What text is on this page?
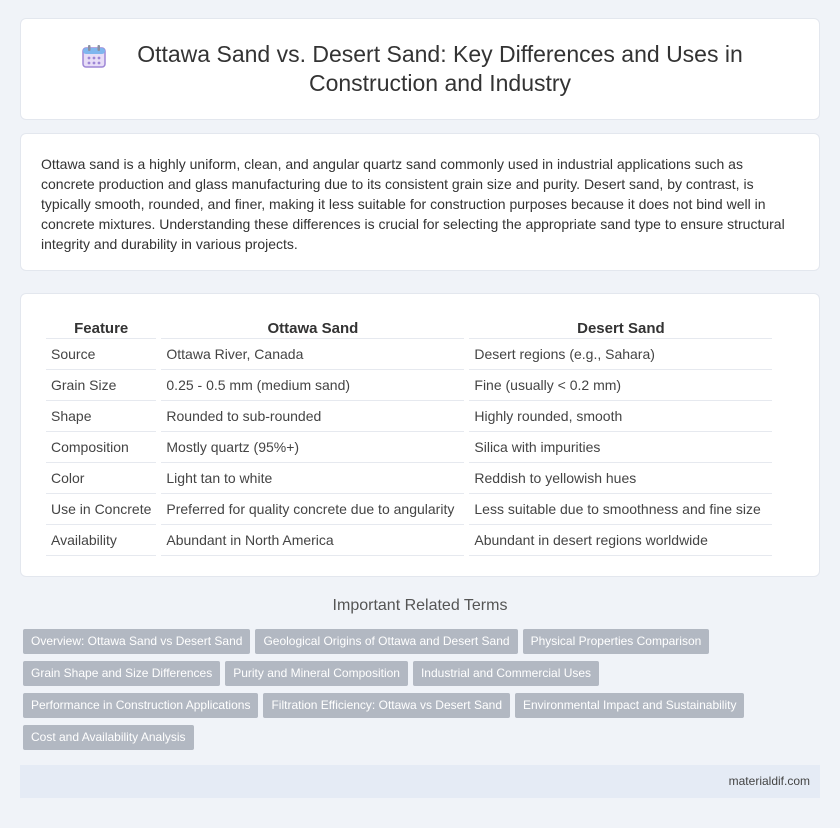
Ottawa Sand vs. Desert Sand: Key Differences and Uses in Construction and Industry

Ottawa sand is a highly uniform, clean, and angular quartz sand commonly used in industrial applications such as concrete production and glass manufacturing due to its consistent grain size and purity. Desert sand, by contrast, is typically smooth, rounded, and finer, making it less suitable for construction purposes because it does not bind well in concrete mixtures. Understanding these differences is crucial for selecting the appropriate sand type to ensure structural integrity and durability in various projects.

Feature	Ottawa Sand	Desert Sand
Source	Ottawa River, Canada	Desert regions (e.g., Sahara)
Grain Size	0.25 - 0.5 mm (medium sand)	Fine (usually < 0.2 mm)
Shape	Rounded to sub-rounded	Highly rounded, smooth
Composition	Mostly quartz (95%+)	Silica with impurities
Color	Light tan to white	Reddish to yellowish hues
Use in Concrete	Preferred for quality concrete due to angularity	Less suitable due to smoothness and fine size
Availability	Abundant in North America	Abundant in desert regions worldwide
Important Related Terms
Overview: Ottawa Sand vs Desert Sand Geological Origins of Ottawa and Desert Sand Physical Properties Comparison
Grain Shape and Size Differences Purity and Mineral Composition Industrial and Commercial Uses
Performance in Construction Applications Filtration Efficiency: Ottawa vs Desert Sand Environmental Impact and Sustainability
Cost and Availability Analysis
materialdif.com
